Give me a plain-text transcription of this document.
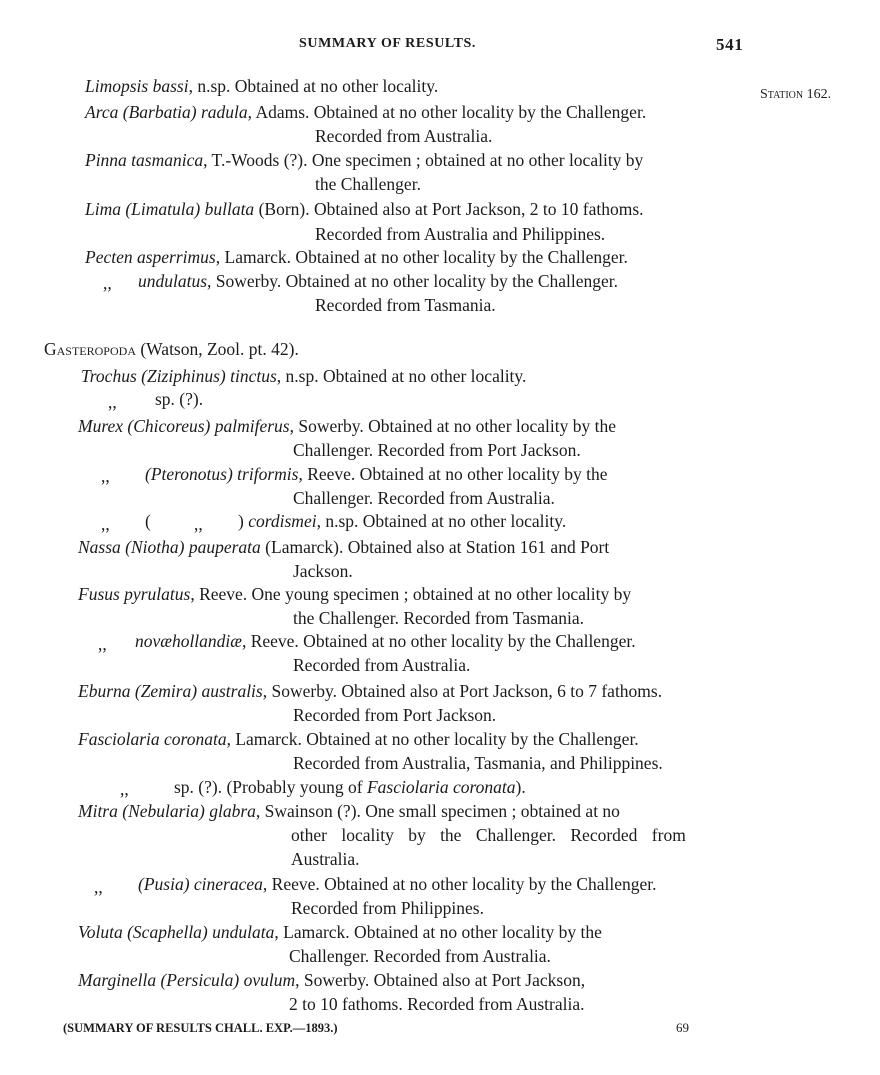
SUMMARY OF RESULTS.	541
Station 162.
Limopsis bassi, n.sp. Obtained at no other locality.
Arca (Barbatia) radula, Adams. Obtained at no other locality by the Challenger.
Recorded from Australia.
Pinna tasmanica, T.-Woods (?). One specimen ; obtained at no other locality by
the Challenger.
Lima (Limatula) bullata (Born). Obtained also at Port Jackson, 2 to 10 fathoms.
Recorded from Australia and Philippines.
Pecten asperrimus, Lamarck. Obtained at no other locality by the Challenger.
,, undulatus, Sowerby. Obtained at no other locality by the Challenger.
Recorded from Tasmania.
Gasteropoda (Watson, Zool. pt. 42).
Trochus (Ziziphinus) tinctus, n.sp. Obtained at no other locality.
,, sp. (?).
Murex (Chicoreus) palmiferus, Sowerby. Obtained at no other locality by the
Challenger. Recorded from Port Jackson.
,, (Pteronotus) triformis, Reeve. Obtained at no other locality by the
Challenger. Recorded from Australia.
,, ( ,, ) cordismei, n.sp. Obtained at no other locality.
Nassa (Niotha) pauperata (Lamarck). Obtained also at Station 161 and Port
Jackson.
Fusus pyrulatus, Reeve. One young specimen ; obtained at no other locality by
the Challenger. Recorded from Tasmania.
,, novæhollandiæ, Reeve. Obtained at no other locality by the Challenger.
Recorded from Australia.
Eburna (Zemira) australis, Sowerby. Obtained also at Port Jackson, 6 to 7 fathoms.
Recorded from Port Jackson.
Fasciolaria coronata, Lamarck. Obtained at no other locality by the Challenger.
Recorded from Australia, Tasmania, and Philippines.
,,	sp. (?). (Probably young of Fasciolaria coronata).
Mitra (Nebularia) glabra, Swainson (?). One small specimen ; obtained at no
other locality by the Challenger. Recorded from
Australia.
,, (Pusia) cineracea, Reeve. Obtained at no other locality by the Challenger.
Recorded from Philippines.
Voluta (Scaphella) undulata, Lamarck. Obtained at no other locality by the
Challenger. Recorded from Australia.
Marginella (Persicula) ovulum, Sowerby. Obtained also at Port Jackson,
2 to 10 fathoms. Recorded from Australia.
(SUMMARY OF RESULTS CHALL. EXP.—1893.)	69
